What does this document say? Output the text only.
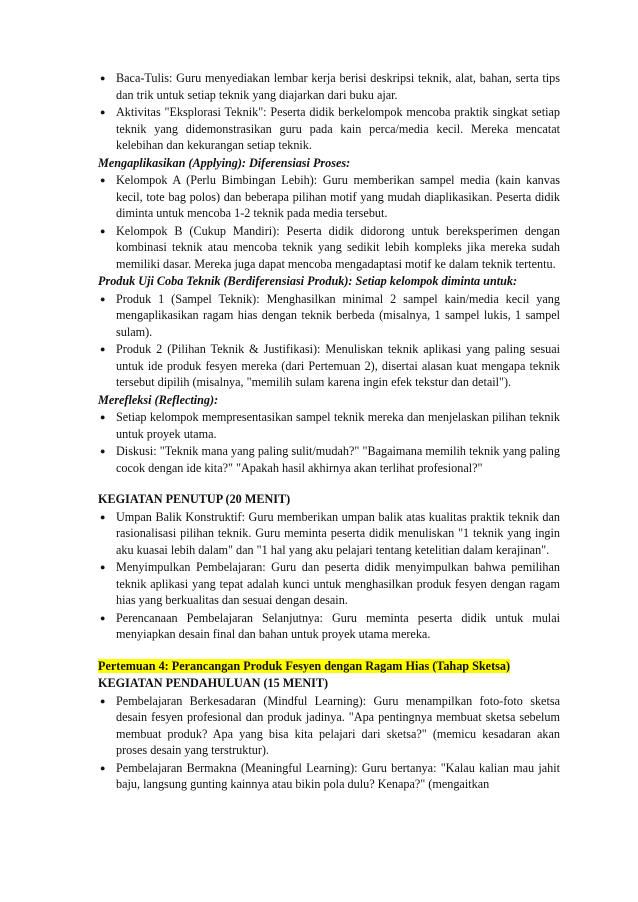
● Baca-Tulis: Guru menyediakan lembar kerja berisi deskripsi teknik, alat, bahan, serta tips dan trik untuk setiap teknik yang diajarkan dari buku ajar.

● Aktivitas "Eksplorasi Teknik": Peserta didik berkelompok mencoba praktik singkat setiap teknik yang didemonstrasikan guru pada kain perca/media kecil. Mereka mencatat kelebihan dan kekurangan setiap teknik.

Mengaplikasikan (Applying): Diferensiasi Proses:
● Kelompok A (Perlu Bimbingan Lebih): Guru memberikan sampel media (kain kanvas kecil, tote bag polos) dan beberapa pilihan motif yang mudah diaplikasikan. Peserta didik diminta untuk mencoba 1-2 teknik pada media tersebut.

● Kelompok B (Cukup Mandiri): Peserta didik didorong untuk bereksperimen dengan kombinasi teknik atau mencoba teknik yang sedikit lebih kompleks jika mereka sudah memiliki dasar. Mereka juga dapat mencoba mengadaptasi motif ke dalam teknik tertentu.

Produk Uji Coba Teknik (Berdiferensiasi Produk): Setiap kelompok diminta untuk:
● Produk 1 (Sampel Teknik): Menghasilkan minimal 2 sampel kain/media kecil yang mengaplikasikan ragam hias dengan teknik berbeda (misalnya, 1 sampel lukis, 1 sampel sulam).

● Produk 2 (Pilihan Teknik & Justifikasi): Menuliskan teknik aplikasi yang paling sesuai untuk ide produk fesyen mereka (dari Pertemuan 2), disertai alasan kuat mengapa teknik tersebut dipilih (misalnya, "memilih sulam karena ingin efek tekstur dan detail").

Merefleksi (Reflecting):
● Setiap kelompok mempresentasikan sampel teknik mereka dan menjelaskan pilihan teknik untuk proyek utama.

● Diskusi: "Teknik mana yang paling sulit/mudah?" "Bagaimana memilih teknik yang paling cocok dengan ide kita?" "Apakah hasil akhirnya akan terlihat profesional?"

KEGIATAN PENUTUP (20 MENIT)
● Umpan Balik Konstruktif: Guru memberikan umpan balik atas kualitas praktik teknik dan rasionalisasi pilihan teknik. Guru meminta peserta didik menuliskan "1 teknik yang ingin aku kuasai lebih dalam" dan "1 hal yang aku pelajari tentang ketelitian dalam kerajinan".

● Menyimpulkan Pembelajaran: Guru dan peserta didik menyimpulkan bahwa pemilihan teknik aplikasi yang tepat adalah kunci untuk menghasilkan produk fesyen dengan ragam hias yang berkualitas dan sesuai dengan desain.

● Perencanaan Pembelajaran Selanjutnya: Guru meminta peserta didik untuk mulai menyiapkan desain final dan bahan untuk proyek utama mereka.

Pertemuan 4: Perancangan Produk Fesyen dengan Ragam Hias (Tahap Sketsa)
KEGIATAN PENDAHULUAN (15 MENIT)
● Pembelajaran Berkesadaran (Mindful Learning): Guru menampilkan foto-foto sketsa desain fesyen profesional dan produk jadinya. "Apa pentingnya membuat sketsa sebelum membuat produk? Apa yang bisa kita pelajari dari sketsa?" (memicu kesadaran akan proses desain yang terstruktur).

● Pembelajaran Bermakna (Meaningful Learning): Guru bertanya: "Kalau kalian mau jahit baju, langsung gunting kainnya atau bikin pola dulu? Kenapa?" (mengaitkan
